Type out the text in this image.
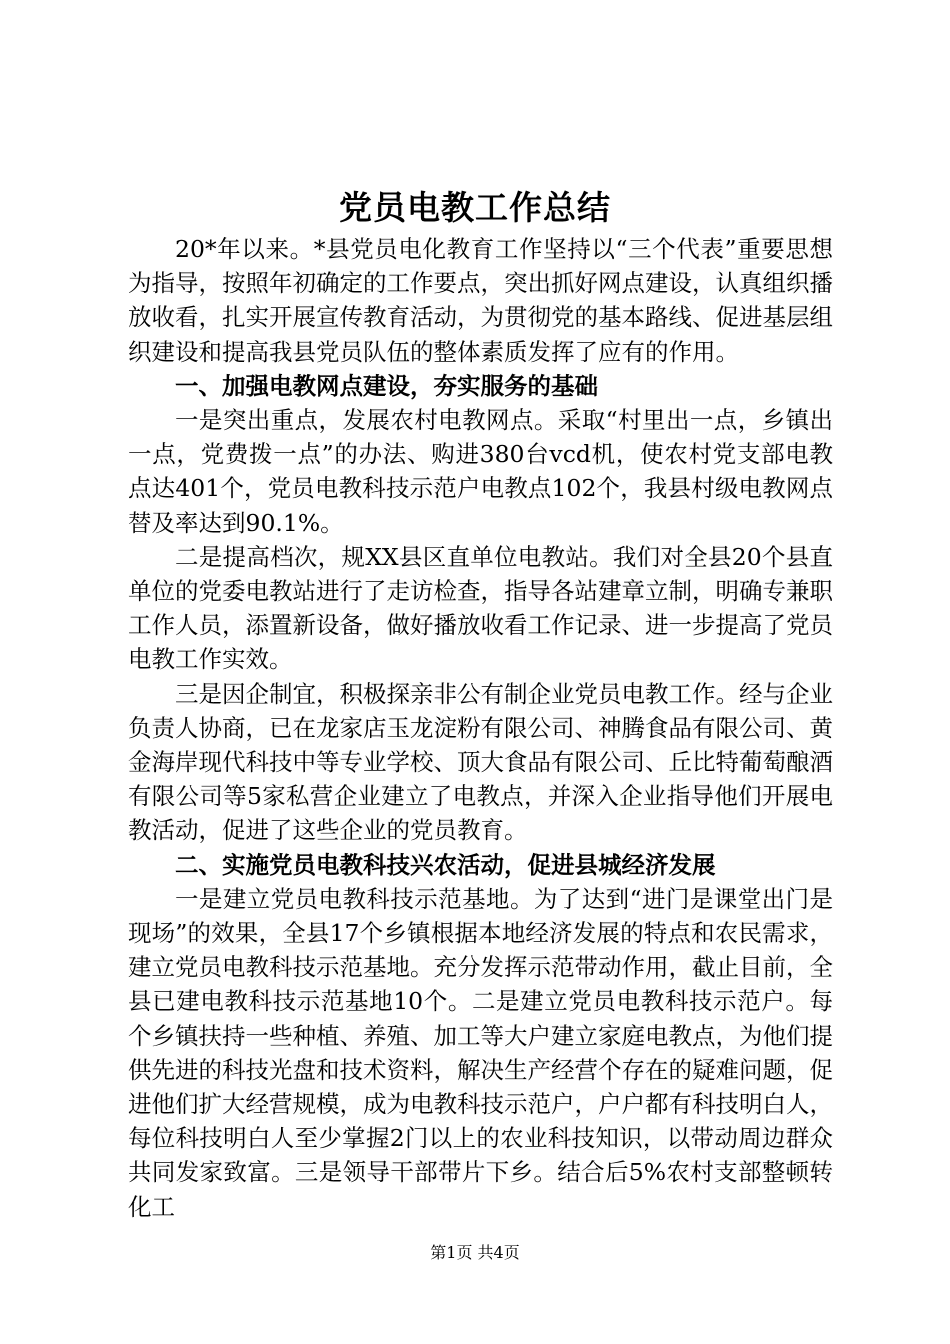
党员电教工作总结

20*年以来。*县党员电化教育工作坚持以“三个代表”重要思想为指导，按照年初确定的工作要点，突出抓好网点建设，认真组织播放收看，扎实开展宣传教育活动，为贯彻党的基本路线、促进基层组织建设和提高我县党员队伍的整体素质发挥了应有的作用。

一、加强电教网点建设，夯实服务的基础

一是突出重点，发展农村电教网点。采取“村里出一点，乡镇出一点，党费拨一点”的办法、购进380台vcd机，使农村党支部电教点达401个，党员电教科技示范户电教点102个，我县村级电教网点替及率达到90.1%。

二是提高档次，规XX县区直单位电教站。我们对全县20个县直单位的党委电教站进行了走访检查，指导各站建章立制，明确专兼职工作人员，添置新设备，做好播放收看工作记录、进一步提高了党员电教工作实效。

三是因企制宜，积极探亲非公有制企业党员电教工作。经与企业负责人协商，已在龙家店玉龙淀粉有限公司、神腾食品有限公司、黄金海岸现代科技中等专业学校、顶大食品有限公司、丘比特葡萄酿酒有限公司等5家私营企业建立了电教点，并深入企业指导他们开展电教活动，促进了这些企业的党员教育。

二、实施党员电教科技兴农活动，促进县城经济发展

一是建立党员电教科技示范基地。为了达到“进门是课堂出门是现场”的效果，全县17个乡镇根据本地经济发展的特点和农民需求，建立党员电教科技示范基地。充分发挥示范带动作用，截止目前，全县已建电教科技示范基地10个。二是建立党员电教科技示范户。每个乡镇扶持一些种植、养殖、加工等大户建立家庭电教点，为他们提供先进的科技光盘和技术资料，解决生产经营个存在的疑难问题，促进他们扩大经营规模，成为电教科技示范户，户户都有科技明白人，每位科技明白人至少掌握2门以上的农业科技知识，以带动周边群众共同发家致富。三是领导干部带片下乡。结合后5%农村支部整顿转化工

第1页 共4页
